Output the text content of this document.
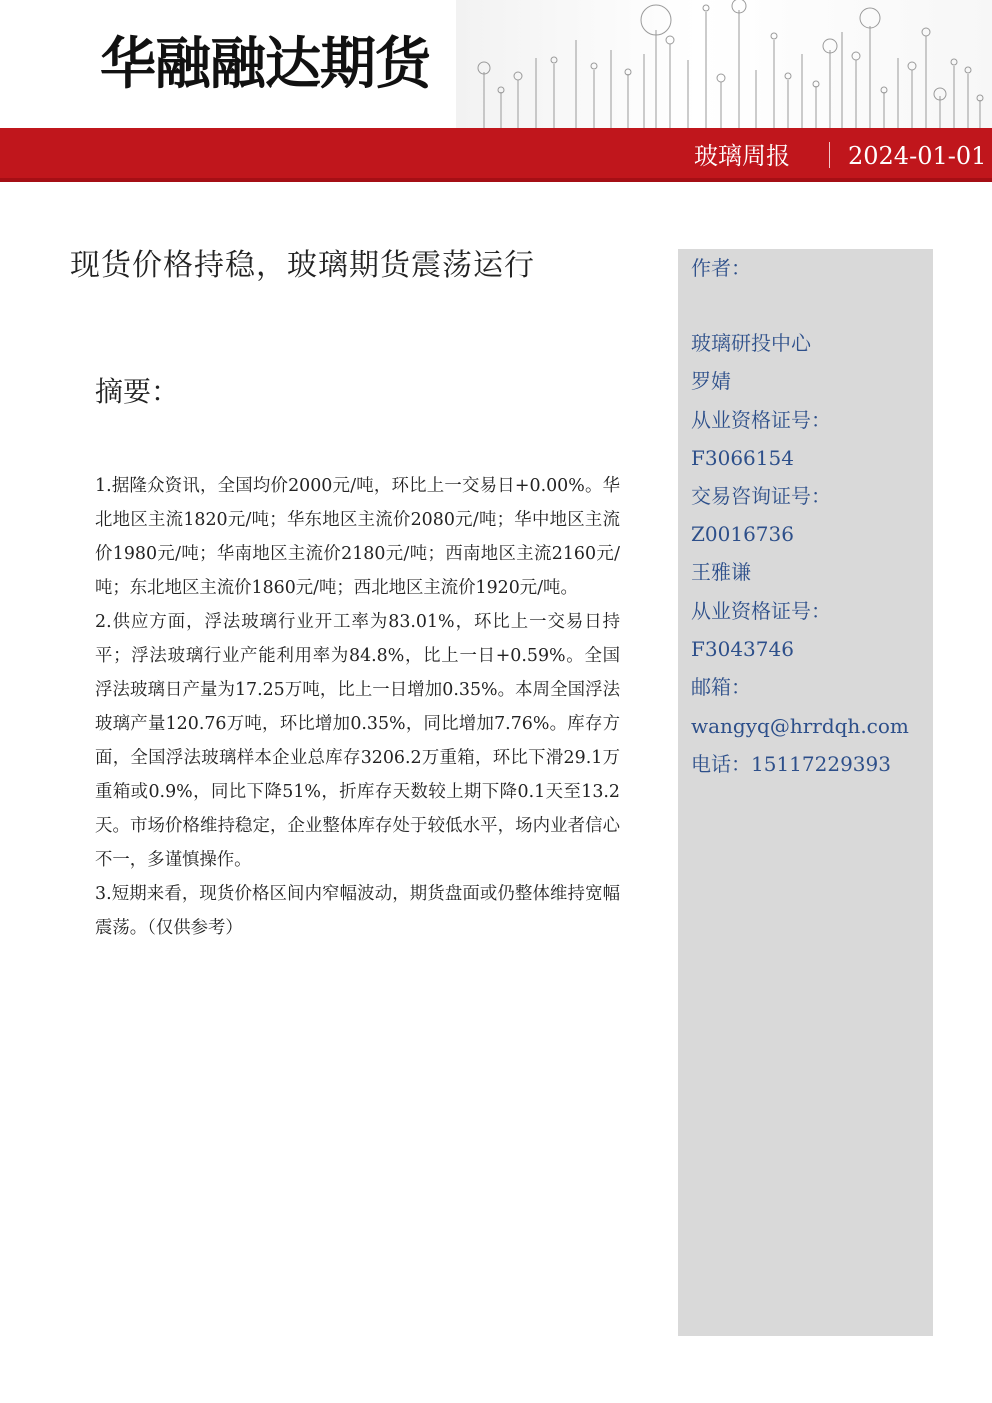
华融融达期货
玻璃周报 2024-01-01
现货价格持稳，玻璃期货震荡运行
摘要：

1.据隆众资讯，全国均价2000元/吨，环比上一交易日+0.00%。华北地区主流1820元/吨；华东地区主流价2080元/吨；华中地区主流价1980元/吨；华南地区主流价2180元/吨；西南地区主流2160元/吨；东北地区主流价1860元/吨；西北地区主流价1920元/吨。

2.供应方面，浮法玻璃行业开工率为83.01%，环比上一交易日持平；浮法玻璃行业产能利用率为84.8%，比上一日+0.59%。全国浮法玻璃日产量为17.25万吨，比上一日增加0.35%。本周全国浮法玻璃产量120.76万吨，环比增加0.35%，同比增加7.76%。库存方面，全国浮法玻璃样本企业总库存3206.2万重箱，环比下滑29.1万重箱或0.9%，同比下降51%，折库存天数较上期下降0.1天至13.2天。市场价格维持稳定，企业整体库存处于较低水平，场内业者信心不一，多谨慎操作。

3.短期来看，现货价格区间内窄幅波动，期货盘面或仍整体维持宽幅震荡。（仅供参考）

作者：
玻璃研投中心
罗婧
从业资格证号：
F3066154
交易咨询证号：
Z0016736
王雅谦
从业资格证号：
F3043746
邮箱：
wangyq@hrrdqh.com
电话：15117229393
